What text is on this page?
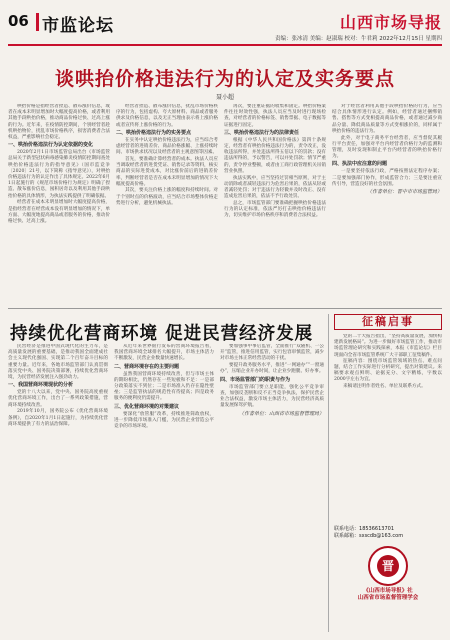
06 市监论坛	山西市场导报
责编：张冰清 美编：赵淑瑞 校对：牛君莉 2022年12月15日 星期四
谈哄抬价格违法行为的认定及实务要点
聂小超

哄抬价格是指经营者捏造、散布涨价信息，或者在成本未明显增加时大幅度提高价格，或者利用其他手段哄抬价格，推动商品价格过快、过高上涨的行为。近年来，在疫情防控期间，个别经营者趁机哄抬物价，扰乱市场价格秩序，损害消费者合法权益，严重影响社会稳定。

一、哄抬价格违法行为认定依据的变化

2020年2月1日市场监管总局出台《市场监管总局关于新型冠状病毒感染肺炎疫情防控期间查处哄抬价格违法行为的指导意见》（国市监竞争〔2020〕21号，以下简称《指导意见》），对哄抬价格违法行为的认定作出了具体规定。2022年6月1日起施行的《规范市场价格行为规定》明确了捏造、散布涨价信息，囤积居奇以及利用其他手段哄抬价格的具体情形，为执法实践提供了明确依据。

经营者在成本未明显增加时大幅度提高价格，是指经营者在经营成本没有明显增加的情况下，单方面、大幅度地提高商品或者服务的价格，推动价格过快、过高上涨。

经营者捏造、散布涨价信息，扰乱市场价格秩序的行为，包括虚构、夸大原材料、商品或者服务供求及价格信息，以及无正当理由表示将上涨价格或者宣传将上涨价格的行为。

二、哄抬价格违法行为的实务要点

在实务中认定哄抬价格违法行为，应当综合考虑经营者的进销差价、商品价格涨幅、上涨持续时间、市场供求状况以及经营者的主观意图等因素。

首先，要准确计算经营者的成本。执法人员应当调取经营者的进货凭证、销售记录等资料，核实商品的实际进货成本，对比涨价前后的进销差价率，判断经营者是否在成本未明显增加的情况下大幅度提高价格。

其次，要关注价格上涨的幅度和持续时间。对于个别时点的价格波动，应当结合市场整体价格走势进行分析，避免机械执法。

再次，要注重证据的收集和固定。哄抬价格案件往往时效性强，执法人员应当及时进行现场检查，对经营者的价格标签、销售票据、电子数据等证据进行固定。

三、哄抬价格违法行为的法律责任

根据《中华人民共和国价格法》第四十条规定，经营者有哄抬价格违法行为的，责令改正，没收违法所得，并处违法所得五倍以下的罚款；没有违法所得的，予以警告，可以并处罚款；情节严重的，责令停业整顿，或者由工商行政管理机关吊销营业执照。

执法实践中，应当坚持过罚相当原则，对于主动消除或者减轻违法行为危害后果的，依法从轻或者减轻处罚；对于违法行为轻微并及时改正、没有造成危害后果的，依法不予行政处罚。

总之，市场监管部门要准确把握哄抬价格违法行为的认定标准，依法严厉打击哄抬价格违法行为，切实维护市场价格秩序和消费者合法权益。

对于经营者利用其他手段哄抬价格的行为，应当结合具体情形进行认定。例如，经营者通过捆绑销售、搭售等方式变相提高商品价格，或者通过减少商品分量、降低商品质量等方式变相涨价的，同样属于哄抬价格的违法行为。

此外，对于电子商务平台经营者，应当督促其履行平台责任，加强对平台内经营者价格行为的监测和管理，及时发现和制止平台内经营者的哄抬价格行为。

四、执法中应注意的问题

一是要坚持依法行政，严格按照法定程序办案；二是要加强部门协作，形成监管合力；三是要注重宣传引导，营造良好的社会氛围。

（作者单位：晋中市市场监管局）

持续优化营商环境 促进民营经济发展

民营经济是推进中国式现代化的生力军，是高质量发展的重要基础，是推动我国全面建成社会主义现代化强国、实现第二个百年奋斗目标的重要力量。近年来，各地市场监管部门认真贯彻落实党中央、国务院决策部署，持续优化营商环境，为民营经济发展注入强劲动力。

一、我国营商环境现状的分析

党的十八大以来，党中央、国务院高度重视优化营商环境工作，出台了一系列政策措施，营商环境持续改善。

2019年10月，国务院公布《优化营商环境条例》，自2020年1月1日起施行，为持续优化营商环境提供了有力的法治保障。

从近年来世界银行发布的营商环境报告看，我国营商环境全球排名大幅提升，市场主体活力不断激发，民营企业数量快速增长。

二、营商环境存在的主要问题

虽然我国营商环境持续改善，但与市场主体的期盼相比，仍然存在一些短板和不足：一是部分政策落实不到位；二是市场准入仍存在隐性壁垒；三是监管执法的规范性有待提高；四是政务服务的便利度仍需提升。

三、优化营商环境的对策建议

要深化“放管服”改革，持续推进简政放权，进一步降低市场准入门槛，为民营企业营造公平竞争的市场环境。

要加强事中事后监管，全面推行“双随机、一公开”监管，推进信用监管，实行包容审慎监管，减少对市场主体正常经营活动的干扰。

要提升政务服务水平，推进“一网通办”“一窗通办”，压缩企业开办时间，让企业少跑腿、好办事。

四、市场监管部门的职责与作为

市场监管部门要立足职能，强化公平竞争审查，加强反垄断和反不正当竞争执法，保护民营企业合法权益，激发市场主体活力，为民营经济高质量发展保驾护航。

（作者单位：山西省市场监督管理局）

征稿启事

党的二十大报告指出，“坚持高质量发展，加快构建新发展格局”。为进一步做好市场监管工作，推动市场监管理论研究和实践探索，本报《市监论坛》栏目现面向全省市场监管系统广大干部职工征集稿件。

征稿内容：围绕市场监管领域的热点、难点问题，结合工作实际进行分析研究，提出对策建议。来稿要求观点鲜明、论据充分、文字精练，字数以2000字左右为宜。

来稿请注明作者姓名、单位及联系方式。

联系电话：18536613701
联系邮箱：sxscdb@163.com
晋
《山西市场导报》社
山西省市场监督管理学会
